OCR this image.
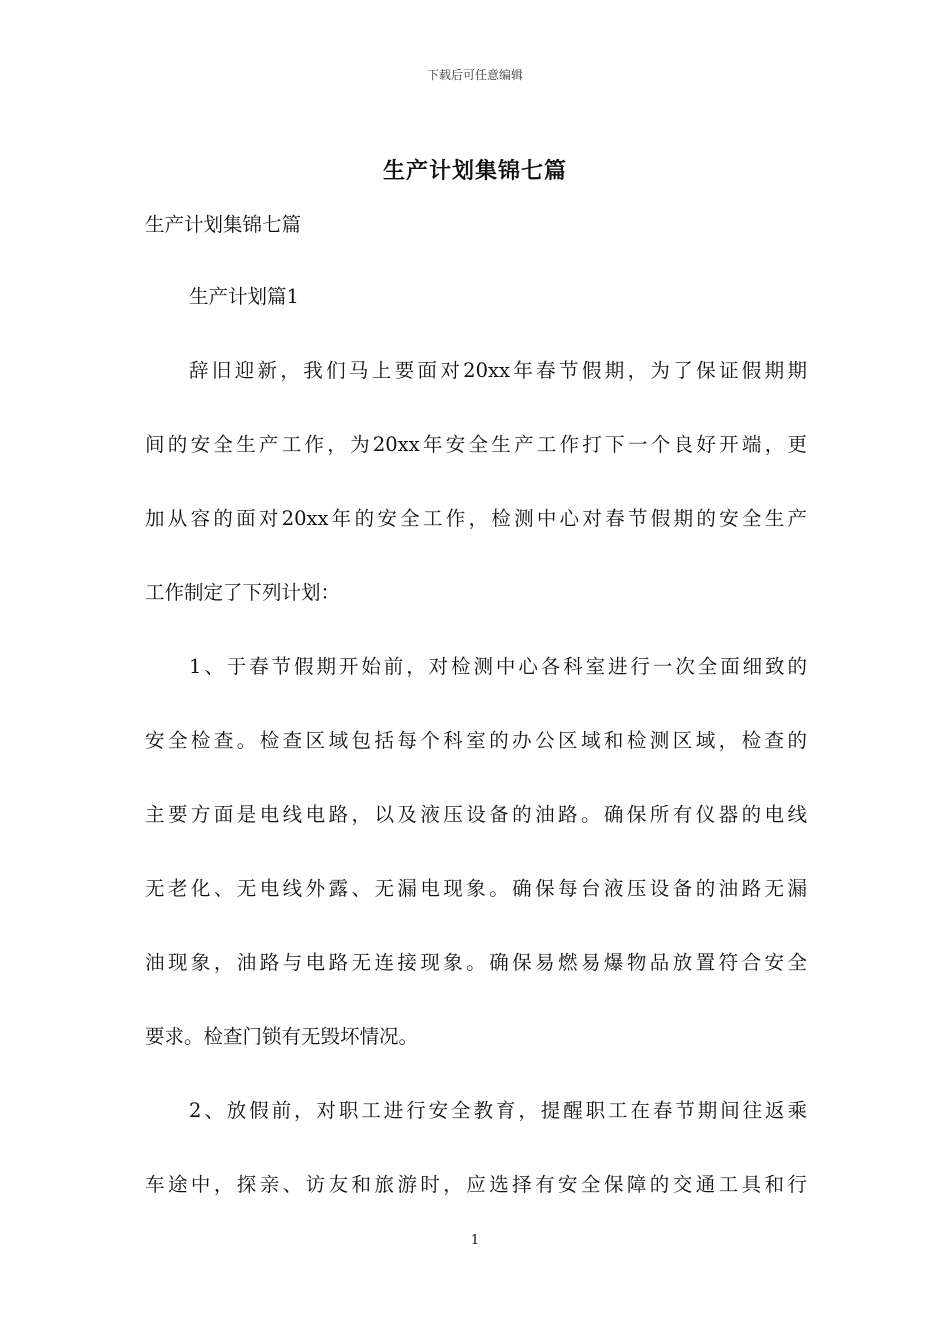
下载后可任意编辑
生产计划集锦七篇
生产计划集锦七篇
生产计划篇1
辞旧迎新，我们马上要面对20xx年春节假期，为了保证假期期
间的安全生产工作，为20xx年安全生产工作打下一个良好开端，更
加从容的面对20xx年的安全工作，检测中心对春节假期的安全生产
工作制定了下列计划：
1、于春节假期开始前，对检测中心各科室进行一次全面细致的
安全检查。检查区域包括每个科室的办公区域和检测区域，检查的
主要方面是电线电路，以及液压设备的油路。确保所有仪器的电线
无老化、无电线外露、无漏电现象。确保每台液压设备的油路无漏
油现象，油路与电路无连接现象。确保易燃易爆物品放置符合安全
要求。检查门锁有无毁坏情况。
2、放假前，对职工进行安全教育，提醒职工在春节期间往返乘
车途中，探亲、访友和旅游时，应选择有安全保障的交通工具和行
1
